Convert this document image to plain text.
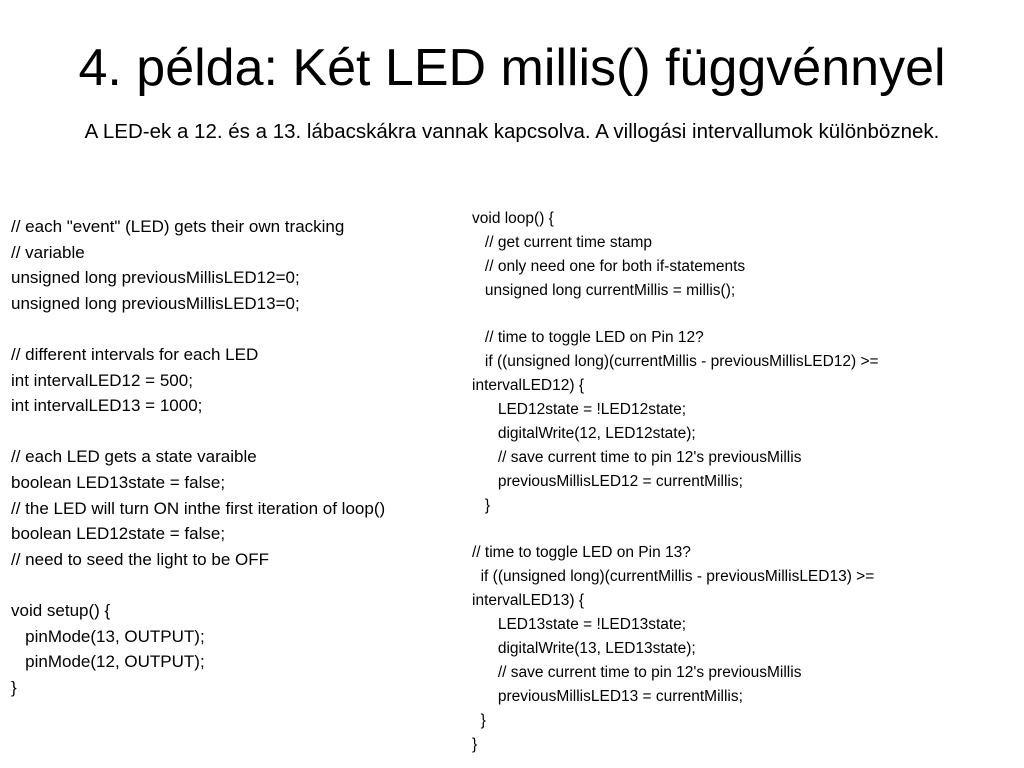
4. példa: Két LED millis() függvénnyel

A LED-ek a 12. és a 13. lábacskákra vannak kapcsolva. A villogási intervallumok különböznek.

// each "event" (LED) gets their own tracking
// variable
unsigned long previousMillisLED12=0;
unsigned long previousMillisLED13=0;
// different intervals for each LED
int intervalLED12 = 500;
int intervalLED13 = 1000;
// each LED gets a state varaible
boolean LED13state = false;
// the LED will turn ON inthe first iteration of loop()
boolean LED12state = false;
// need to seed the light to be OFF
void setup() {
pinMode(13, OUTPUT);
pinMode(12, OUTPUT);
}
void loop() {
// get current time stamp
// only need one for both if-statements
unsigned long currentMillis = millis();
// time to toggle LED on Pin 12?
if ((unsigned long)(currentMillis - previousMillisLED12) >=
intervalLED12) {
LED12state = !LED12state;
digitalWrite(12, LED12state);
// save current time to pin 12's previousMillis
previousMillisLED12 = currentMillis;
}
// time to toggle LED on Pin 13?
if ((unsigned long)(currentMillis - previousMillisLED13) >=
intervalLED13) {
LED13state = !LED13state;
digitalWrite(13, LED13state);
// save current time to pin 12's previousMillis
previousMillisLED13 = currentMillis;
}
}
